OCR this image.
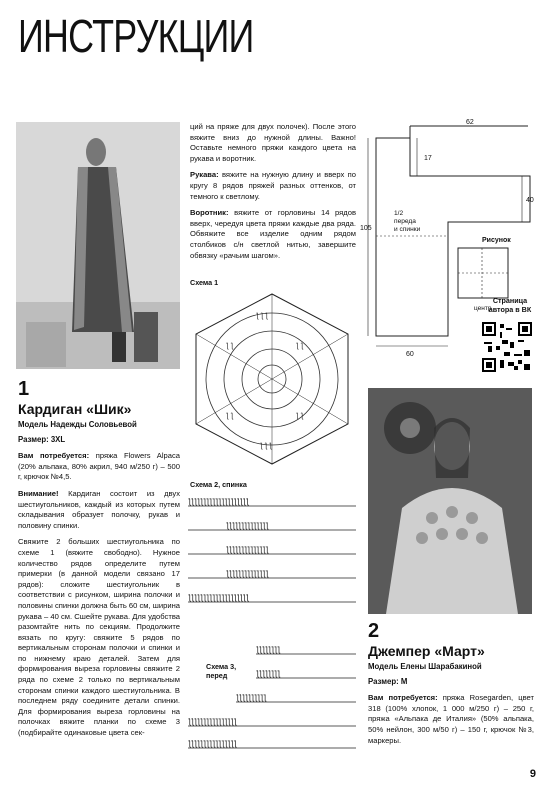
ИНСТРУКЦИИ
1
Кардиган «Шик»

Модель Надежды Соловьевой

Размер: 3XL

Вам потребуется: пряжа Flowers Alpaca (20% альпака, 80% акрил, 940 м/250 г) – 500 г, крючок №4,5.

Внимание! Кардиган состоит из двух шестиугольников, каждый из которых путем складывания образует полочку, рукав и половину спинки.

Свяжите 2 больших шестиугольника по схеме 1 (вяжите свободно). Нужное количество рядов определите путем примерки (в данной модели связано 17 рядов): сложите шестиугольник в соответствии с рисунком, ширина полочки и половины спинки должна быть 60 см, ширина рукава – 40 см. Сшейте рукава. Для удобства разомтайте нить по секциям. Продолжите вязать по кругу: свяжите 5 рядов по вертикальным сторонам полочки и спинки и по нижнему краю деталей. Затем для формирования выреза горловины свяжите 2 ряда по схеме 2 только по вертикальным сторонам спинки каждого шестиугольника. В последнем ряду соедините детали спинки. Для формирования выреза горловины на полочках вяжите планки по схеме 3 (подбирайте одинаковые цвета сек-

ций на пряже для двух полочек). После этого вяжите вниз до нужной длины. Важно! Оставьте немного пряжи каждого цвета на рукава и воротник.

Рукава: вяжите на нужную длину и вверх по кругу 8 рядов пряжей разных оттенков, от темного к светлому.

Воротник: вяжите от горловины 14 рядов вверх, чередуя цвета пряжи каждые два ряда. Обвяжите все изделие одним рядом столбиков с/н светлой нитью, завершите обвязку «рачьим шагом».

Схема 1
ƪ ƪ ƪ
ƪ ƪ
ƪ ƪ
ƪ ƪ
ƪ ƪ
ƪ ƪ ƪ
Схема 2, спинка
ƪƪƪƪƪƪƪƪƪƪƪƪƪƪƪƪƪƪƪƪ
ƪƪƪƪƪƪƪƪƪƪƪƪƪƪ
ƪƪƪƪƪƪƪƪƪƪƪƪƪƪ
ƪƪƪƪƪƪƪƪƪƪƪƪƪƪ
ƪƪƪƪƪƪƪƪƪƪƪƪƪƪƪƪƪƪƪƪ
Схема 3, перед
ƪƪƪƪƪƪƪƪ
ƪƪƪƪƪƪƪƪ
ƪƪƪƪƪƪƪƪƪƪ
ƪƪƪƪƪƪƪƪƪƪƪƪƪƪƪƪ
ƪƪƪƪƪƪƪƪƪƪƪƪƪƪƪƪ
62
17
40
105
60
Рисунок
центр
1/2
переда
и спинки
Страница автора в ВК
2
Джемпер «Март»

Модель Елены Шарабакиной

Размер: M

Вам потребуется: пряжа Rosegarden, цвет 318 (100% хлопок, 1 000 м/250 г) – 250 г, пряжа «Альпака де Италия» (50% альпака, 50% нейлон, 300 м/50 г) – 150 г, крючок №3, маркеры.

9
